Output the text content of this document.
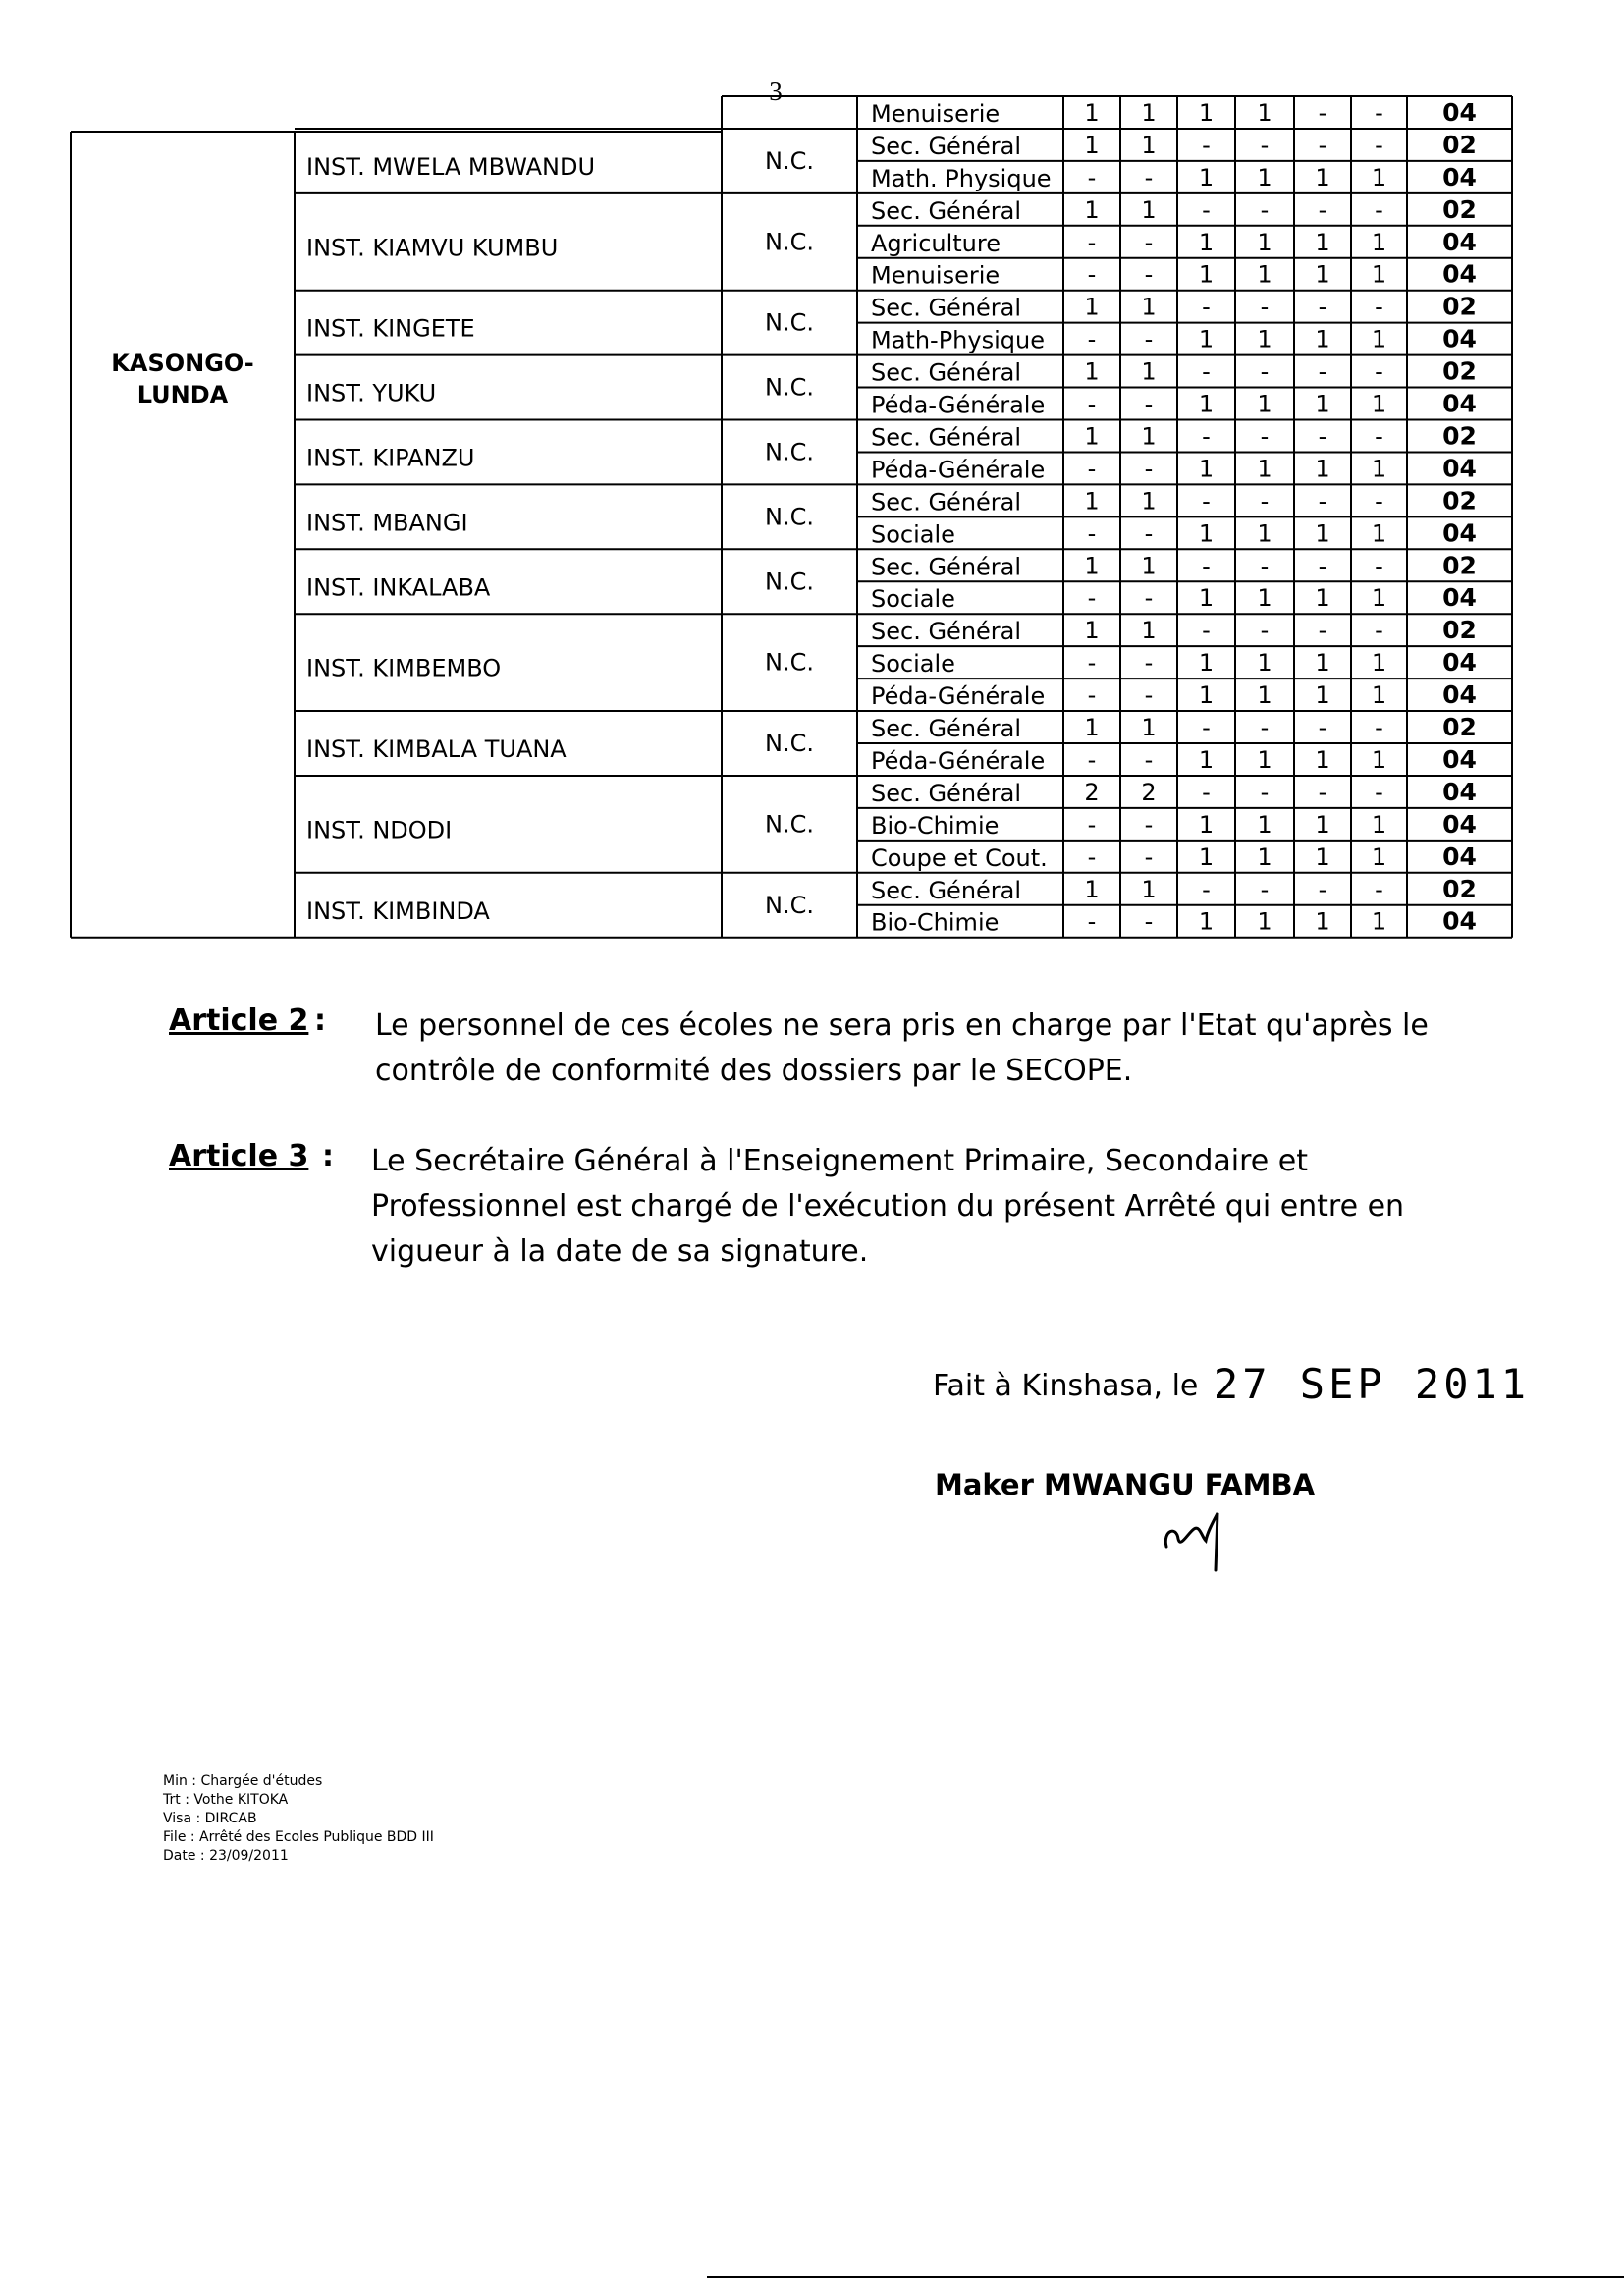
3
Menuiserie	1 1 1 1 - - 04
INST. MWELA MBWANDU	N.C.
Sec. Général	1 1 - - - - 02
Math. Physique - - 1 1 1 1 04
INST. KIAMVU KUMBU	N.C.
Sec. Général	1 1 - - - - 02
Agriculture	- - 1 1 1 1 04
Menuiserie	- - 1 1 1 1 04
INST. KINGETE	N.C.
Sec. Général	1 1 - - - - 02
Math-Physique - - 1 1 1 1 04
INST. YUKU	N.C.
Sec. Général	1 1 - - - - 02
Péda-Générale - - 1 1 1 1 04
INST. KIPANZU	N.C.
Sec. Général	1 1 - - - - 02
Péda-Générale - - 1 1 1 1 04
INST. MBANGI	N.C.
Sec. Général	1 1 - - - - 02
Sociale	- - 1 1 1 1 04
INST. INKALABA	N.C.
Sec. Général	1 1 - - - - 02
Sociale	- - 1 1 1 1 04
INST. KIMBEMBO	N.C.
Sec. Général	1 1 - - - - 02
Sociale	- - 1 1 1 1 04
Péda-Générale - - 1 1 1 1 04
INST. KIMBALA TUANA	N.C.
Sec. Général	1 1 - - - - 02
Péda-Générale - - 1 1 1 1 04
INST. NDODI	N.C.
Sec. Général	2 2 - - - - 04
Bio-Chimie	- - 1 1 1 1 04
Coupe et Cout. - - 1 1 1 1 04
INST. KIMBINDA	N.C.
Sec. Général	1 1 - - - - 02
Bio-Chimie	- - 1 1 1 1 04
KASONGO-
LUNDA
Article 2 : Le personnel de ces écoles ne sera pris en charge par l'Etat qu'après le contrôle de conformité des dossiers par le SECOPE.
Article 3 : Le Secrétaire Général à l'Enseignement Primaire, Secondaire et Professionnel est chargé de l'exécution du présent Arrêté qui entre en vigueur à la date de sa signature.
Fait à Kinshasa, le 27 SEP 2011
Maker MWANGU FAMBA
Min : Chargée d'études
Trt : Vothe KITOKA
Visa : DIRCAB
File : Arrêté des Ecoles Publique BDD III
Date : 23/09/2011
